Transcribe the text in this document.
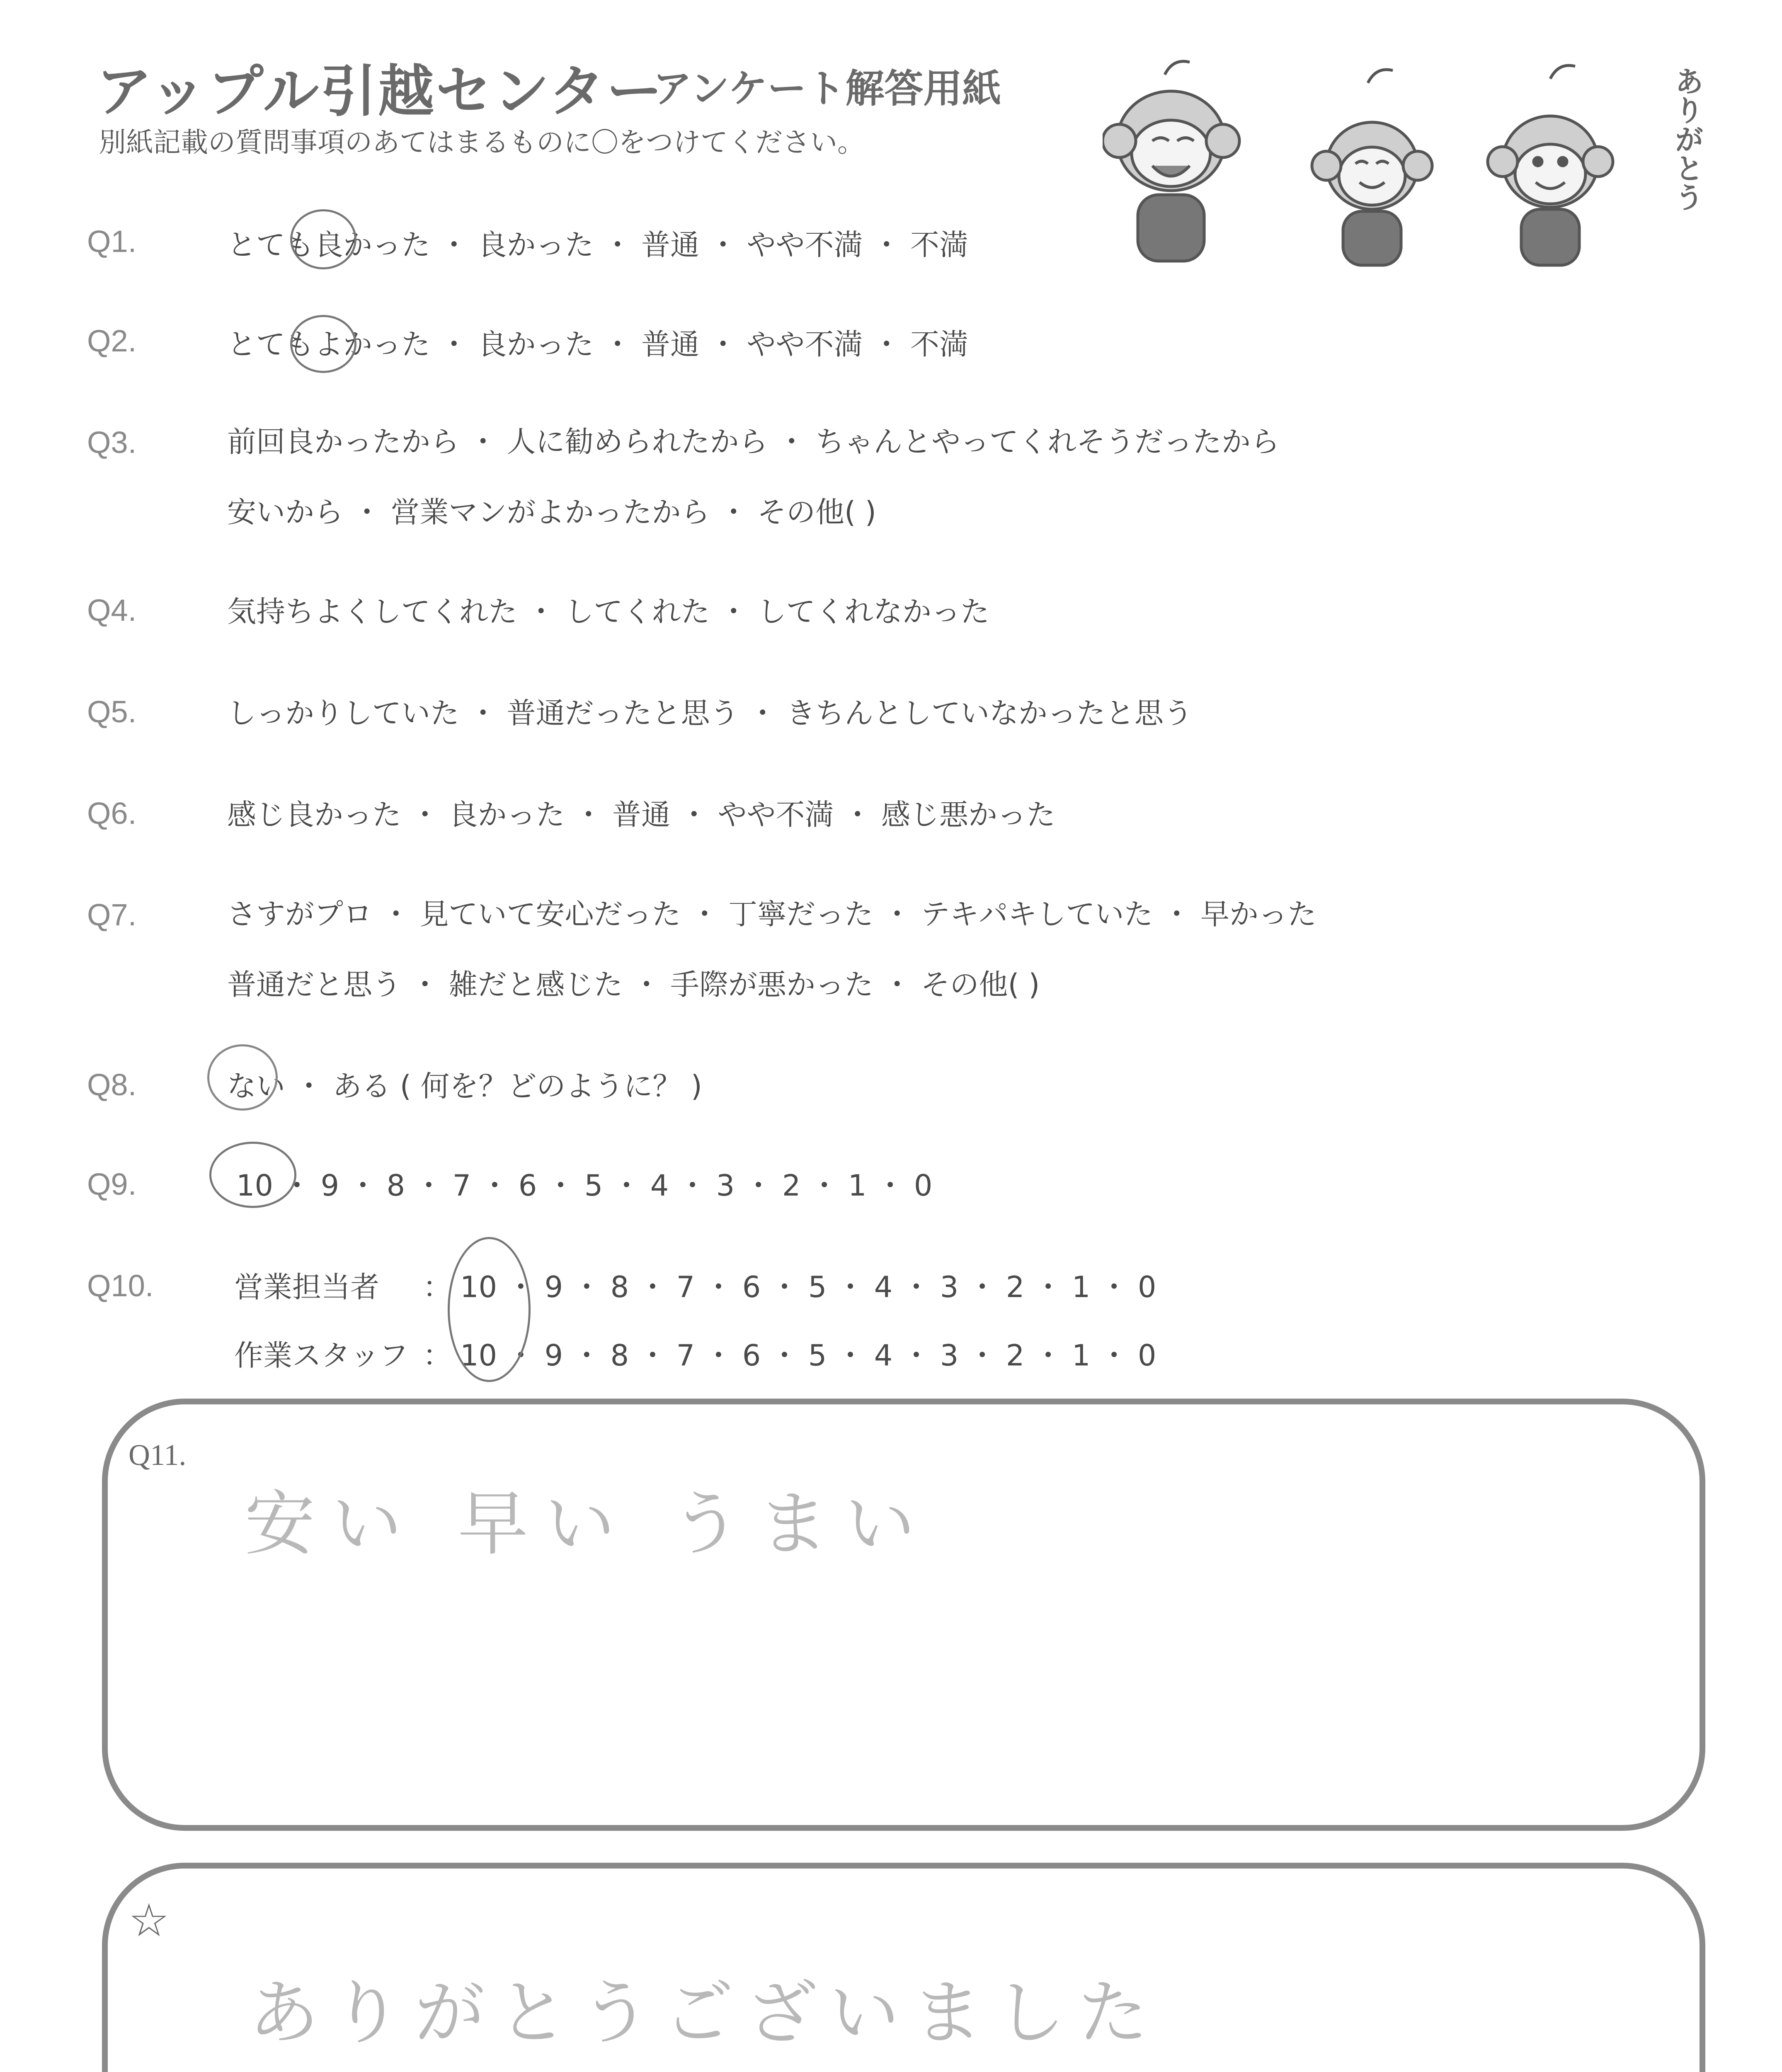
アップル引越センター
アンケート解答用紙
別紙記載の質問事項のあてはまるものに〇をつけてください。	ありがとう
Q1.	とても良かった ・ 良かった ・ 普通 ・ やや不満 ・ 不満
Q2.	とてもよかった ・ 良かった ・ 普通 ・ やや不満 ・ 不満
Q3.	前回良かったから ・ 人に勧められたから ・ ちゃんとやってくれそうだったから
安いから ・ 営業マンがよかったから ・ その他( )
Q4.	気持ちよくしてくれた ・ してくれた ・ してくれなかった
Q5.	しっかりしていた ・ 普通だったと思う ・ きちんとしていなかったと思う
Q6.	感じ良かった ・ 良かった ・ 普通 ・ やや不満 ・ 感じ悪かった
Q7.	さすがプロ ・ 見ていて安心だった ・ 丁寧だった ・ テキパキしていた ・ 早かった
普通だと思う ・ 雑だと感じた ・ 手際が悪かった ・ その他( )
Q8.	ない ・ ある ( 何を？どのように？ )
Q9.	10 ・ 9 ・ 8 ・ 7 ・ 6 ・ 5 ・ 4 ・ 3 ・ 2 ・ 1 ・ 0
Q10.	営業担当者 ： 10 ・ 9 ・ 8 ・ 7 ・ 6 ・ 5 ・ 4 ・ 3 ・ 2 ・ 1 ・ 0
作業スタッフ ： 10 ・ 9 ・ 8 ・ 7 ・ 6 ・ 5 ・ 4 ・ 3 ・ 2 ・ 1 ・ 0
Q11.
安い 早い うまい
☆
ありがとうございました
